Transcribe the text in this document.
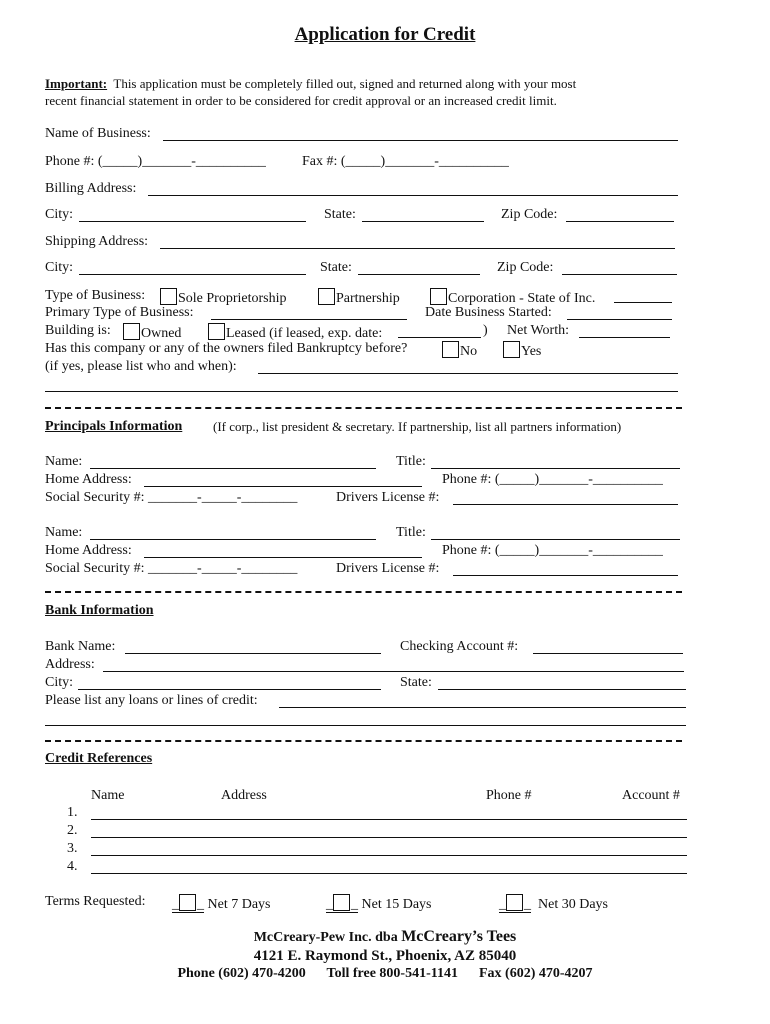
Application for Credit
Important: This application must be completely filled out, signed and returned along with your most
recent financial statement in order to be considered for credit approval or an increased credit limit.
Name of Business:
Phone #: (_____)_______-__________	Fax #: (_____)_______-__________
Billing Address:
City:	State:	Zip Code:
Shipping Address:
City:	State:	Zip Code:
Type of Business:	Sole Proprietorship	Partnership	Corporation - State of Inc.
Primary Type of Business:	Date Business Started:
Building is:	Owned	Leased (if leased, exp. date:	) Net Worth:
Has this company or any of the owners filed Bankruptcy before?	No	Yes
(if yes, please list who and when):
Principals Information (If corp., list president & secretary. If partnership, list all partners information)
Name:	Title:
Home Address:	Phone #: (_____)_______-__________
Social Security #: _______-_____-________	Drivers License #:
Name:	Title:
Home Address:	Phone #: (_____)_______-__________
Social Security #: _______-_____-________	Drivers License #:
Bank Information
Bank Name:	Checking Account #:
Address:
City:	State:
Please list any loans or lines of credit:
Credit References
Name	Address	Phone #	Account #
1.
2.
3.
4.
Terms Requested: _ _ Net 7 Days	_ _ Net 15 Days	_ _ Net 30 Days
McCreary-Pew Inc. dba McCreary’s Tees
4121 E. Raymond St., Phoenix, AZ 85040
Phone (602) 470-4200 Toll free 800-541-1141 Fax (602) 470-4207
